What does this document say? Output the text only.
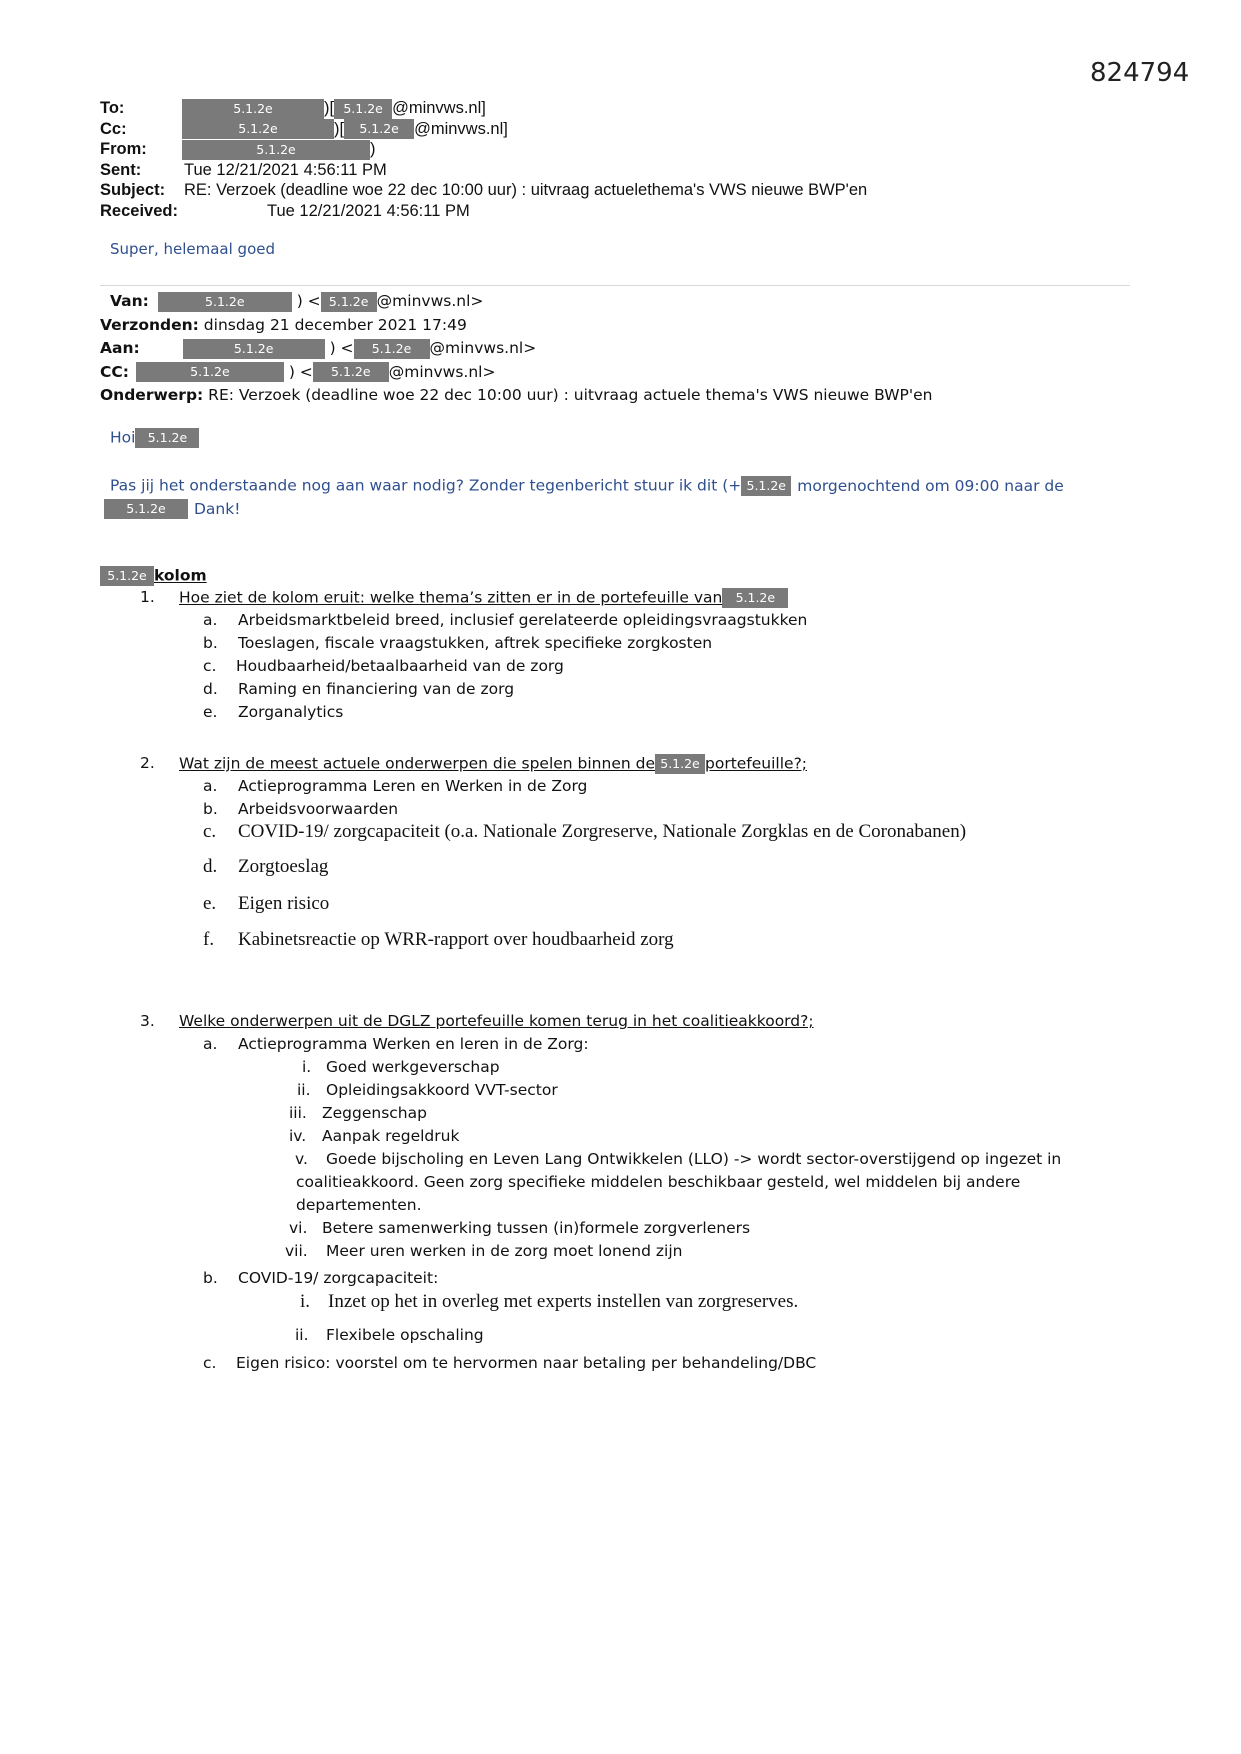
824794
To:	5.1.2e	)[ 5.1.2e @minvws.nl]
Cc:	5.1.2e	)[ 5.1.2e @minvws.nl]
From:	5.1.2e	)
Sent:	Tue 12/21/2021 4:56:11 PM
Subject: RE: Verzoek (deadline woe 22 dec 10:00 uur) : uitvraag actuelethema's VWS nieuwe BWP'en
Received:	Tue 12/21/2021 4:56:11 PM
Super, helemaal goed
Van:	5.1.2e	) < 5.1.2e @minvws.nl>
Verzonden: dinsdag 21 december 2021 17:49
Aan:	5.1.2e	) < 5.1.2e @minvws.nl>
CC:	5.1.2e	) < 5.1.2e @minvws.nl>
Onderwerp: RE: Verzoek (deadline woe 22 dec 10:00 uur) : uitvraag actuele thema's VWS nieuwe BWP'en
Hoi 5.1.2e
Pas jij het onderstaande nog aan waar nodig? Zonder tegenbericht stuur ik dit (+ 5.1.2e morgenochtend om 09:00 naar de
5.1.2e Dank!
5.1.2e kolom
1. Hoe ziet de kolom eruit: welke thema’s zitten er in de portefeuille van 5.1.2e
a. Arbeidsmarktbeleid breed, inclusief gerelateerde opleidingsvraagstukken
b. Toeslagen, fiscale vraagstukken, aftrek specifieke zorgkosten
c. Houdbaarheid/betaalbaarheid van de zorg
d. Raming en financiering van de zorg
e. Zorganalytics
2. Wat zijn de meest actuele onderwerpen die spelen binnen de 5.1.2e portefeuille?;
a. Actieprogramma Leren en Werken in de Zorg
b. Arbeidsvoorwaarden
c. COVID-19/ zorgcapaciteit (o.a. Nationale Zorgreserve, Nationale Zorgklas en de Coronabanen)
d. Zorgtoeslag
e. Eigen risico
f. Kabinetsreactie op WRR-rapport over houdbaarheid zorg
3. Welke onderwerpen uit de DGLZ portefeuille komen terug in het coalitieakkoord?;
a. Actieprogramma Werken en leren in de Zorg:
i. Goed werkgeverschap
ii. Opleidingsakkoord VVT-sector
iii. Zeggenschap
iv. Aanpak regeldruk
v. Goede bijscholing en Leven Lang Ontwikkelen (LLO) -> wordt sector-overstijgend op ingezet in
coalitieakkoord. Geen zorg specifieke middelen beschikbaar gesteld, wel middelen bij andere
departementen.
vi. Betere samenwerking tussen (in)formele zorgverleners
vii. Meer uren werken in de zorg moet lonend zijn
b. COVID-19/ zorgcapaciteit:
i. Inzet op het in overleg met experts instellen van zorgreserves.
ii. Flexibele opschaling
c. Eigen risico: voorstel om te hervormen naar betaling per behandeling/DBC
